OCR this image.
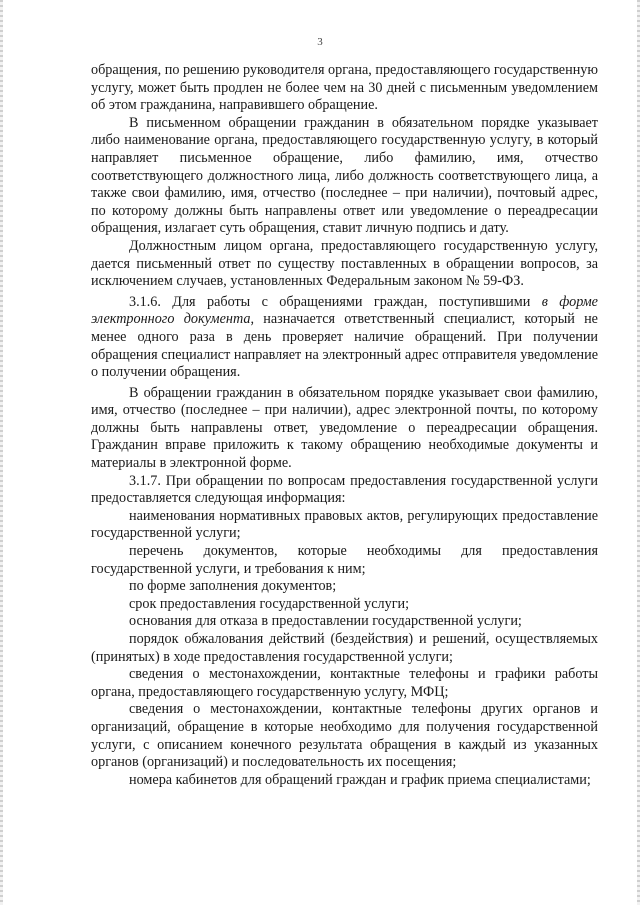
3

обращения, по решению руководителя органа, предоставляющего государственную услугу, может быть продлен не более чем на 30 дней с письменным уведомлением об этом гражданина, направившего обращение.

В письменном обращении гражданин в обязательном порядке указывает либо наименование органа, предоставляющего государственную услугу, в который направляет письменное обращение, либо фамилию, имя, отчество соответствующего должностного лица, либо должность соответствующего лица, а также свои фамилию, имя, отчество (последнее – при наличии), почтовый адрес, по которому должны быть направлены ответ или уведомление о переадресации обращения, излагает суть обращения, ставит личную подпись и дату.

Должностным лицом органа, предоставляющего государственную услугу, дается письменный ответ по существу поставленных в обращении вопросов, за исключением случаев, установленных Федеральным законом № 59-ФЗ.

3.1.6. Для работы с обращениями граждан, поступившими в форме электронного документа, назначается ответственный специалист, который не менее одного раза в день проверяет наличие обращений. При получении обращения специалист направляет на электронный адрес отправителя уведомление о получении обращения.

В обращении гражданин в обязательном порядке указывает свои фамилию, имя, отчество (последнее – при наличии), адрес электронной почты, по которому должны быть направлены ответ, уведомление о переадресации обращения. Гражданин вправе приложить к такому обращению необходимые документы и материалы в электронной форме.

3.1.7. При обращении по вопросам предоставления государственной услуги предоставляется следующая информация:

наименования нормативных правовых актов, регулирующих предоставление государственной услуги;

перечень документов, которые необходимы для предоставления государственной услуги, и требования к ним;

по форме заполнения документов;

срок предоставления государственной услуги;

основания для отказа в предоставлении государственной услуги;

порядок обжалования действий (бездействия) и решений, осуществляемых (принятых) в ходе предоставления государственной услуги;

сведения о местонахождении, контактные телефоны и графики работы органа, предоставляющего государственную услугу, МФЦ;

сведения о местонахождении, контактные телефоны других органов и организаций, обращение в которые необходимо для получения государственной услуги, с описанием конечного результата обращения в каждый из указанных органов (организаций) и последовательность их посещения;

номера кабинетов для обращений граждан и график приема специалистами;
